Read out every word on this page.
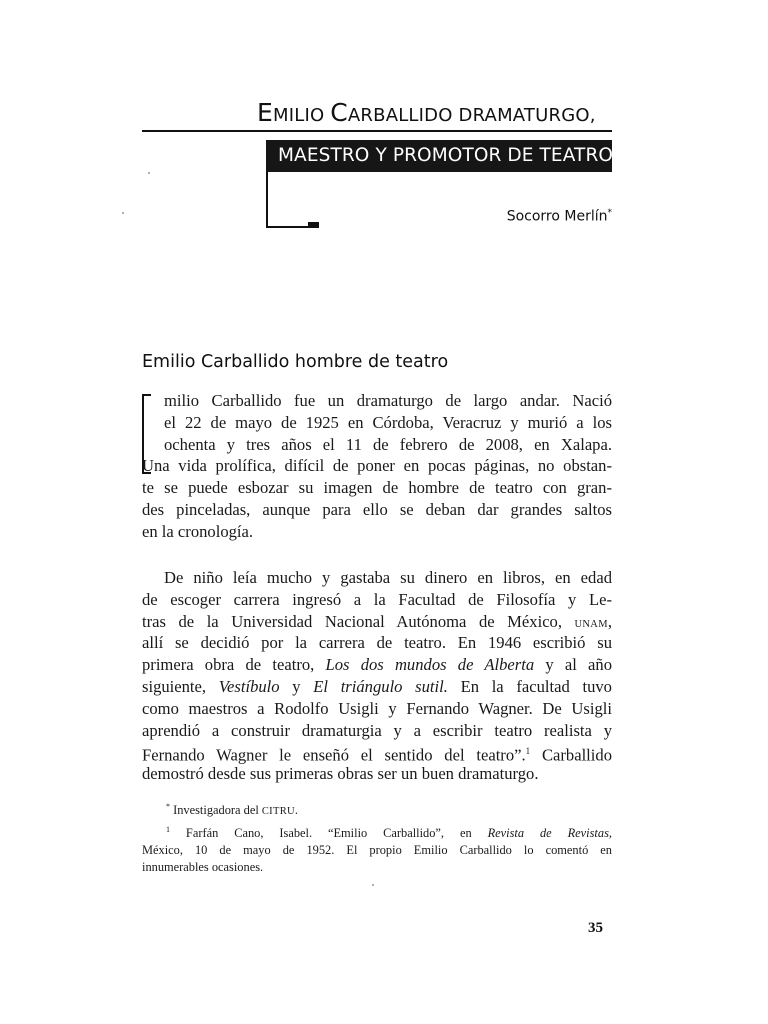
EMILIO CARBALLIDO DRAMATURGO,
MAESTRO Y PROMOTOR DE TEATRO
Socorro Merlín*
Emilio Carballido hombre de teatro
milio Carballido fue un dramaturgo de largo andar. Nació
el 22 de mayo de 1925 en Córdoba, Veracruz y murió a los
ochenta y tres años el 11 de febrero de 2008, en Xalapa.
Una vida prolífica, difícil de poner en pocas páginas, no obstan-
te se puede esbozar su imagen de hombre de teatro con gran-
des pinceladas, aunque para ello se deban dar grandes saltos
en la cronología.
De niño leía mucho y gastaba su dinero en libros, en edad
de escoger carrera ingresó a la Facultad de Filosofía y Le-
tras de la Universidad Nacional Autónoma de México, UNAM,
allí se decidió por la carrera de teatro. En 1946 escribió su
primera obra de teatro, Los dos mundos de Alberta y al año
siguiente, Vestíbulo y El triángulo sutil. En la facultad tuvo
como maestros a Rodolfo Usigli y Fernando Wagner. De Usigli
aprendió a construir dramaturgia y a escribir teatro realista y
Fernando Wagner le enseñó el sentido del teatro”.$^1$ Carballido
demostró desde sus primeras obras ser un buen dramaturgo.
* Investigadora del CITRU.
$^1$ Farfán Cano, Isabel. “Emilio Carballido”, en Revista de Revistas,
México, 10 de mayo de 1952. El propio Emilio Carballido lo comentó en
innumerables ocasiones.
35
